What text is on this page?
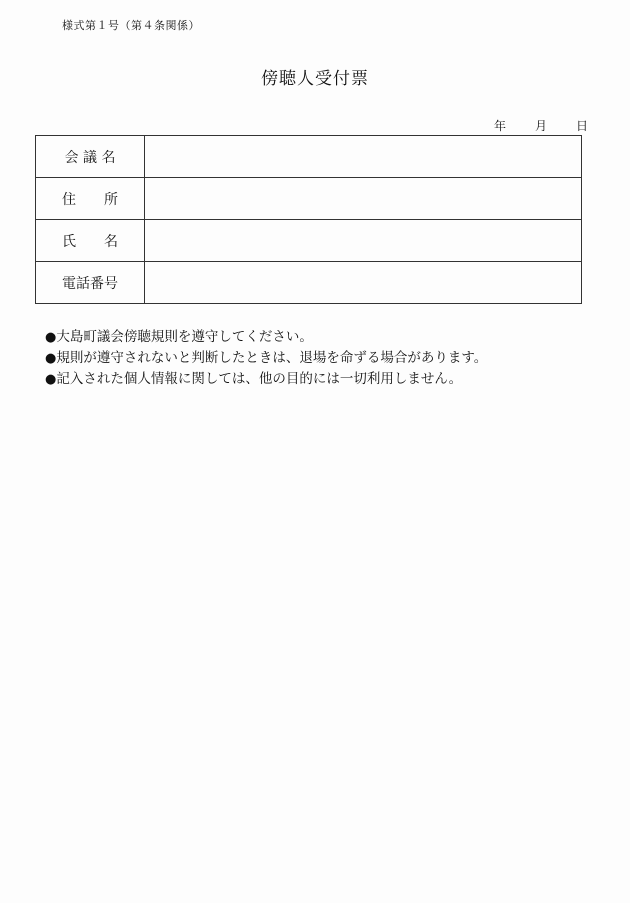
様式第１号（第４条関係）
傍聴人受付票
年 月 日
会 議 名	
住　　所	
氏　　名	
電話番号	
●大島町議会傍聴規則を遵守してください。
●規則が遵守されないと判断したときは、退場を命ずる場合があります。
●記入された個人情報に関しては、他の目的には一切利用しません。
